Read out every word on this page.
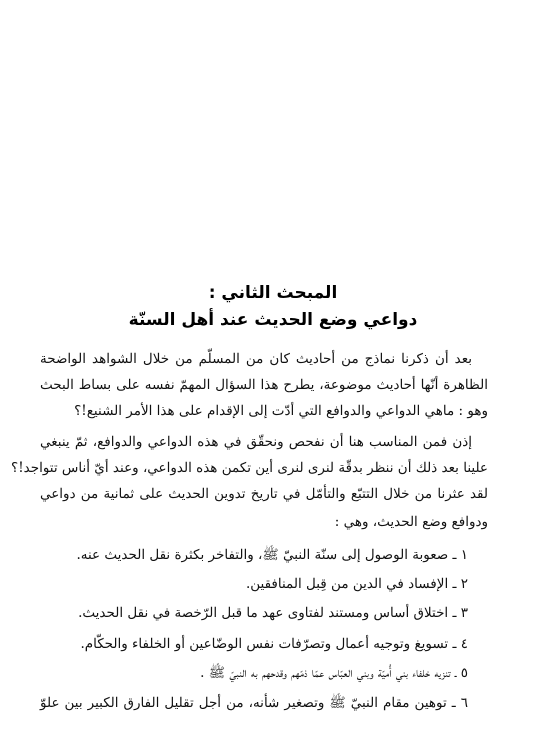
المبحث الثاني :
دواعي وضع الحديث عند أهل السنّة
بعد أن ذكرنا نماذج من أحاديث كان من المسلّم من خلال الشواهد الواضحة
الظاهرة أنّها أحاديث موضوعة، يطرح هذا السؤال المهمّ نفسه على بساط البحث
وهو : ماهي الدواعي والدوافع التي أدّت إلى الإقدام على هذا الأمر الشنيع!؟
إذن فمن المناسب هنا أن نفحص ونحقّق في هذه الدواعي والدوافع، ثمّ ينبغي
علينا بعد ذلك أن ننظر بدقّة لنرى لنرى أين تكمن هذه الدواعي، وعند أيّ أناس تتواجد!؟
لقد عثرنا من خلال التتبّع والتأمّل في تاريخ تدوين الحديث على ثمانية من دواعي
ودوافع وضع الحديث، وهي :
١ ـ صعوبة الوصول إلى سنّة النبيّ ﷺ، والتفاخر بكثرة نقل الحديث عنه.
٢ ـ الإفساد في الدين من قِبل المنافقين.
٣ ـ اختلاق أساس ومستند لفتاوى عهد ما قبل الرّخصة في نقل الحديث.
٤ ـ تسويغ وتوجيه أعمال وتصرّفات نفس الوضّاعين أو الخلفاء والحكّام.
٥ ـ تنزيه خلفاء بني أُميّة وبني العبّاس عمّا ذمّهم وقدحهم به النبيّ ﷺ .
٦ ـ توهين مقام النبيّ ﷺ وتصغير شأنه، من أجل تقليل الفارق الكبير بين علوّ
